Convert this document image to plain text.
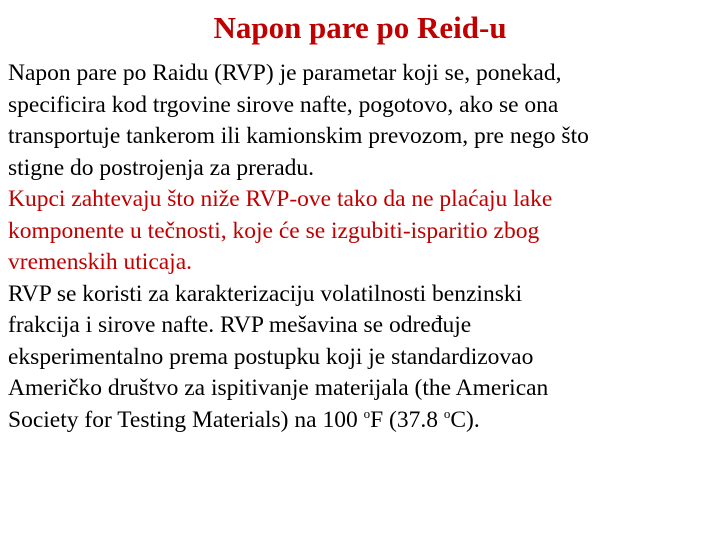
Napon pare po Reid-u

Napon pare po Raidu (RVP) je parametar koji se, ponekad,
specificira kod trgovine sirove nafte, pogotovo, ako se ona
transportuje tankerom ili kamionskim prevozom, pre nego što
stigne do postrojenja za preradu.

Kupci zahtevaju što niže RVP-ove tako da ne plaćaju lake
komponente u tečnosti, koje će se izgubiti-isparitio zbog
vremenskih uticaja.

RVP se koristi za karakterizaciju volatilnosti benzinski
frakcija i sirove nafte. RVP mešavina se određuje
eksperimentalno prema postupku koji je standardizovao
Američko društvo za ispitivanje materijala (the American
Society for Testing Materials) na 100 $^o$F (37.8 $^o$C).
